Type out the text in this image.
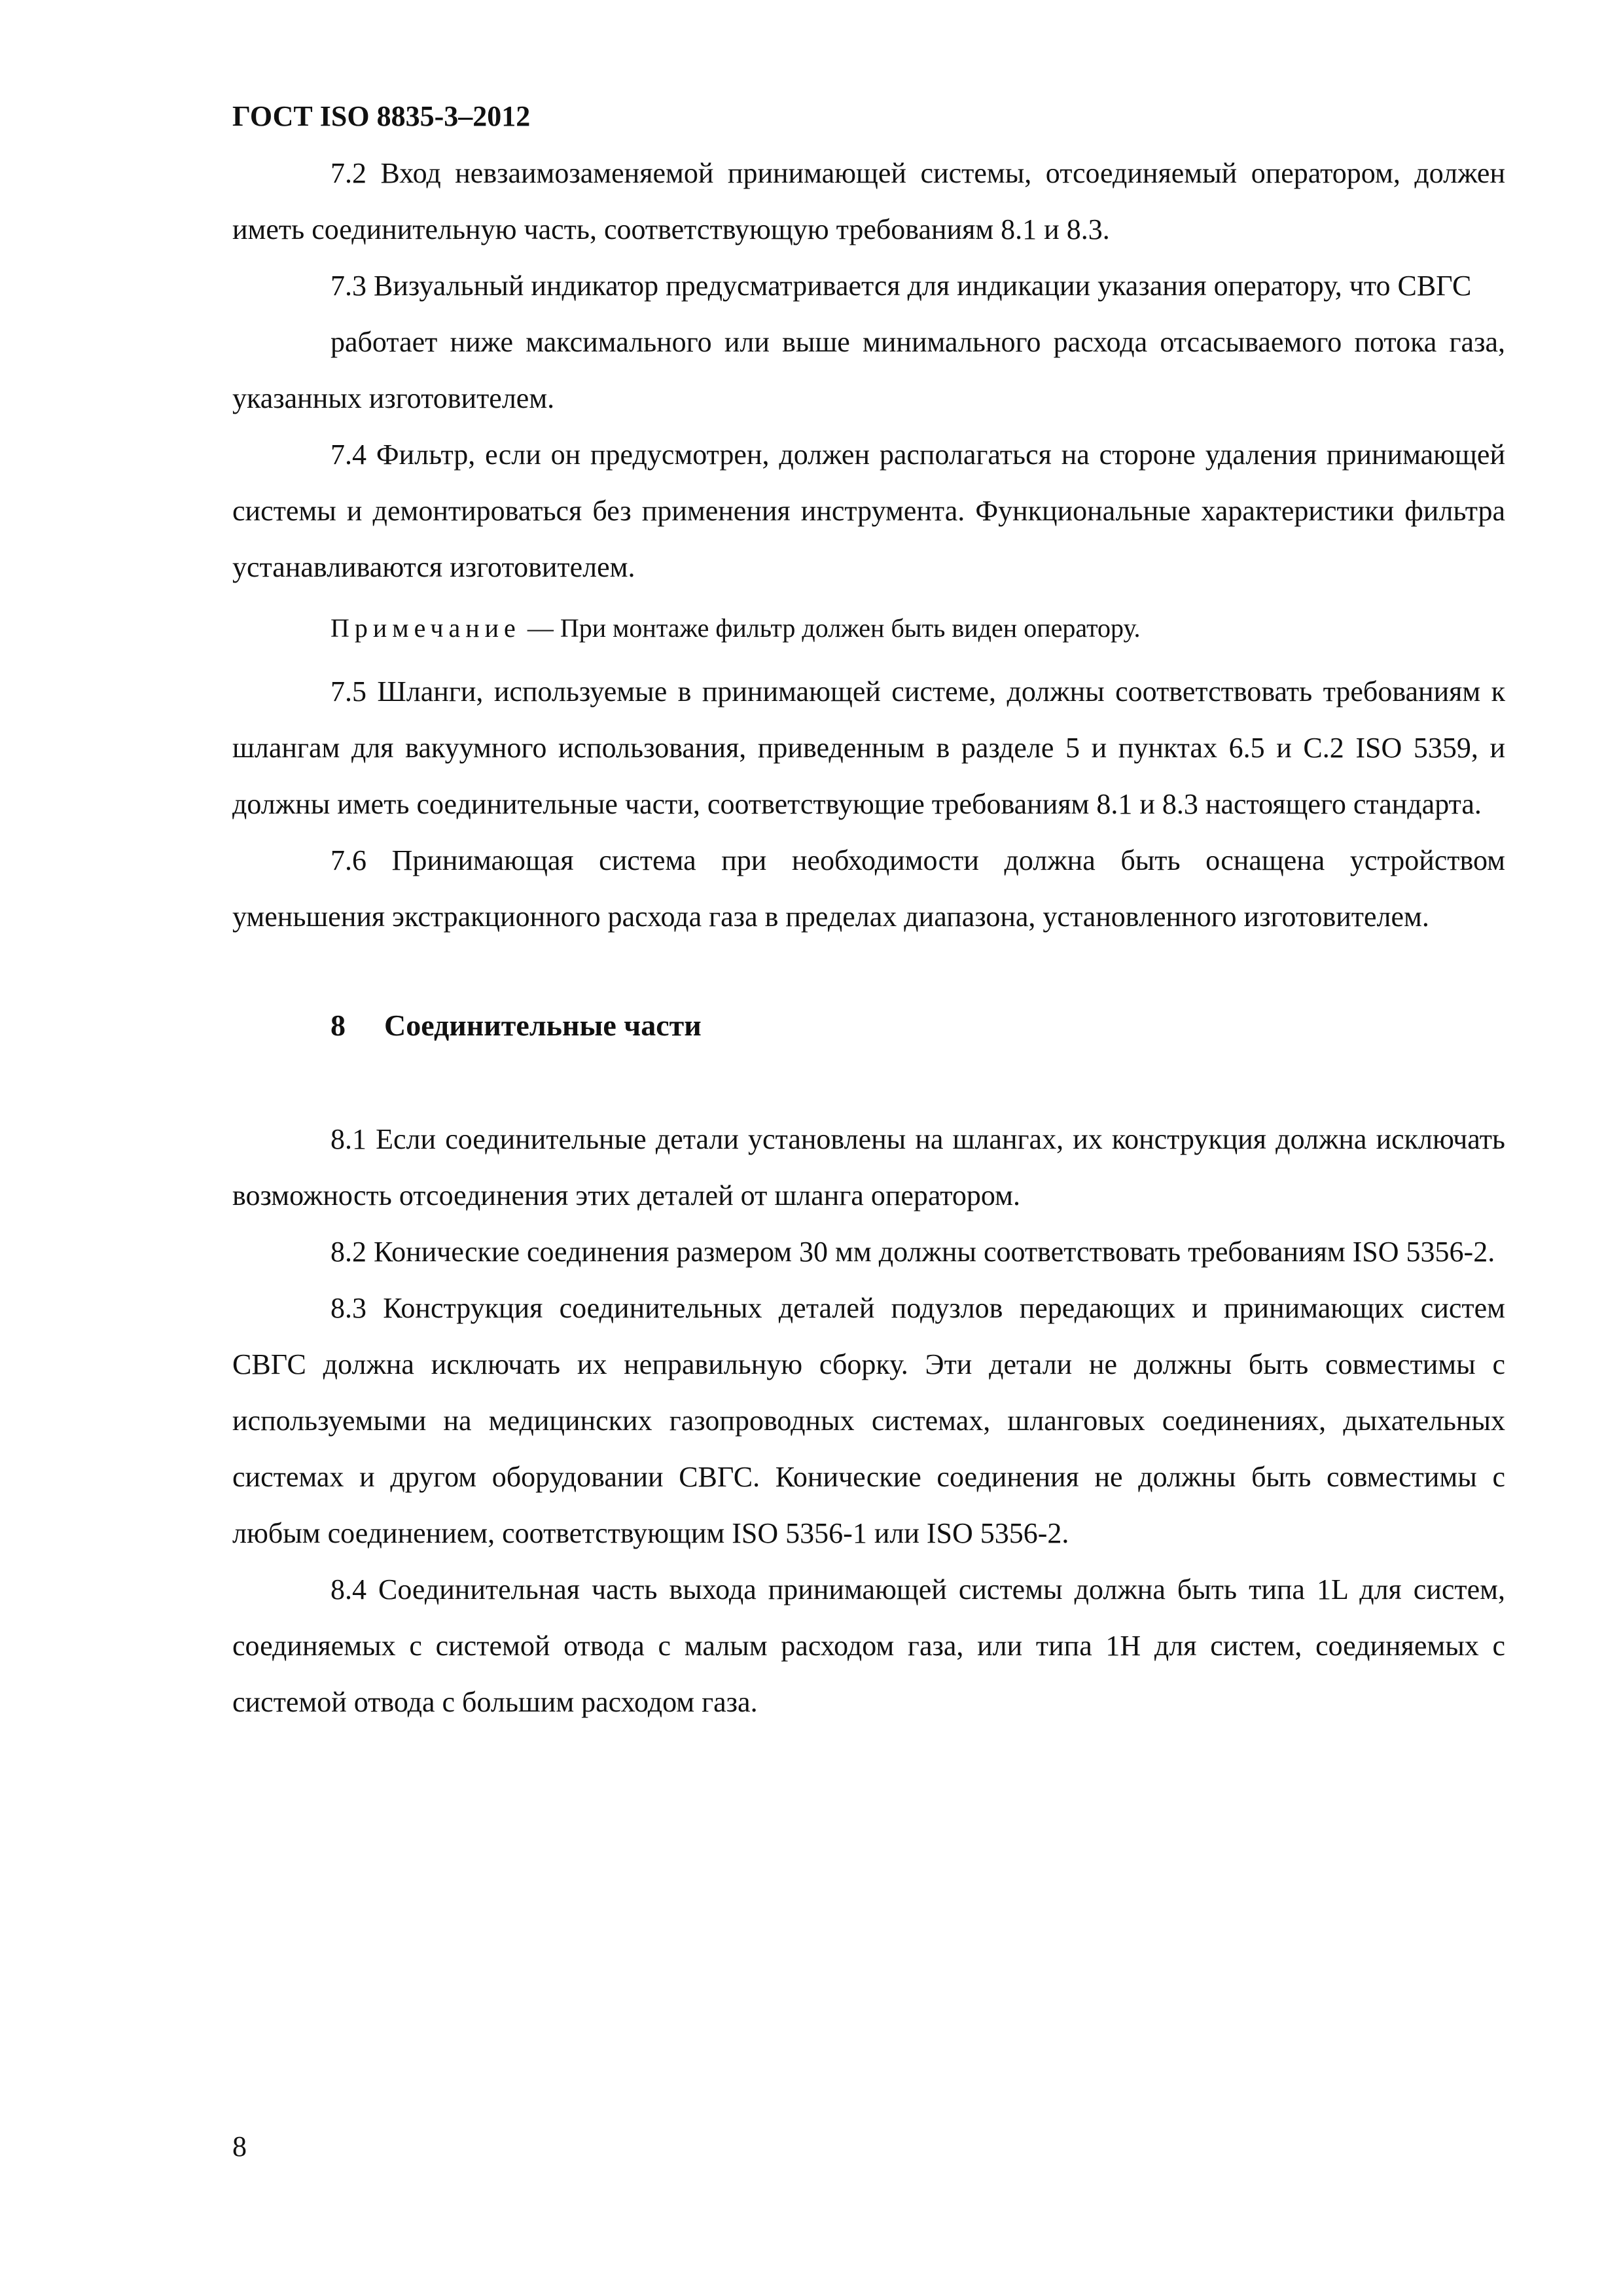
ГОСТ ISO 8835-3–2012

7.2 Вход невзаимозаменяемой принимающей системы, отсоединяемый оператором, должен иметь соединительную часть, соответствующую требованиям 8.1 и 8.3.

7.3 Визуальный индикатор предусматривается для индикации указания оператору, что СВГС

работает ниже максимального или выше минимального расхода отсасываемого потока газа, указанных изготовителем.

7.4 Фильтр, если он предусмотрен, должен располагаться на стороне удаления принимающей системы и демонтироваться без применения инструмента. Функциональные характеристики фильтра устанавливаются изготовителем.

Примечание — При монтаже фильтр должен быть виден оператору.

7.5 Шланги, используемые в принимающей системе, должны соответствовать требованиям к шлангам для вакуумного использования, приведенным в разделе 5 и пунктах 6.5 и С.2 ISO 5359, и должны иметь соединительные части, соответствующие требованиям 8.1 и 8.3 настоящего стандарта.

7.6 Принимающая система при необходимости должна быть оснащена устройством уменьшения экстракционного расхода газа в пределах диапазона, установленного изготовителем.

8 Соединительные части

8.1 Если соединительные детали установлены на шлангах, их конструкция должна исключать возможность отсоединения этих деталей от шланга оператором.

8.2 Конические соединения размером 30 мм должны соответствовать требованиям ISO 5356-2.

8.3 Конструкция соединительных деталей подузлов передающих и принимающих систем СВГС должна исключать их неправильную сборку. Эти детали не должны быть совместимы с используемыми на медицинских газопроводных системах, шланговых соединениях, дыхательных системах и другом оборудовании СВГС. Конические соединения не должны быть совместимы с любым соединением, соответствующим ISO 5356-1 или ISO 5356-2.

8.4 Соединительная часть выхода принимающей системы должна быть типа 1L для систем, соединяемых с системой отвода с малым расходом газа, или типа 1H для систем, соединяемых с системой отвода с большим расходом газа.

8
